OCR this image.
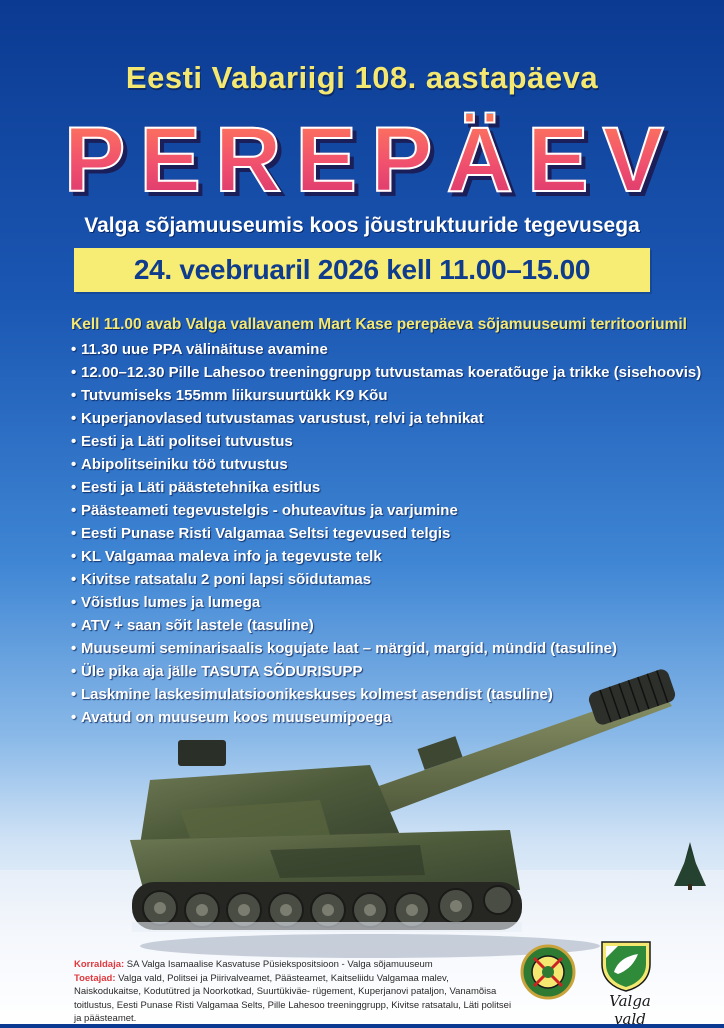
Eesti Vabariigi 108. aastapäeva
P E R E P Ä E V
Valga sõjamuuseumis koos jõustruktuuride tegevusega
24. veebruaril 2026 kell 11.00–15.00
Kell 11.00 avab Valga vallavanem Mart Kase perepäeva sõjamuuseumi territooriumil
• 11.30 uue PPA välinäituse avamine
• 12.00–12.30 Pille Lahesoo treeninggrupp tutvustamas koeratõuge ja trikke (sisehoovis)
• Tutvumiseks 155mm liikursuurtükk K9 Kõu
• Kuperjanovlased tutvustamas varustust, relvi ja tehnikat
• Eesti ja Läti politsei tutvustus
• Abipolitseiniku töö tutvustus
• Eesti ja Läti päästetehnika esitlus
• Päästeameti tegevustelgis - ohuteavitus ja varjumine
• Eesti Punase Risti Valgamaa Seltsi tegevused telgis
• KL Valgamaa maleva info ja tegevuste telk
• Kivitse ratsatalu 2 poni lapsi sõidutamas
• Võistlus lumes ja lumega
• ATV + saan sõit lastele (tasuline)
• Muuseumi seminarisaalis kogujate laat – märgid, margid, mündid (tasuline)
• Üle pika aja jälle TASUTA SÕDURISUPP
• Laskmine laskesimulatsioonikeskuses kolmest asendist (tasuline)
• Avatud on muuseum koos muuseumipoega
Korraldaja: SA Valga Isamaalise Kasvatuse Püsiekspositsioon - Valga sõjamuuseum
Toetajad: Valga vald, Politsei ja Piirivalveamet, Päästeamet, Kaitseliidu Valgamaa malev, Naiskodukaitse, Kodutütred ja Noorkotkad, Suurtükiväe- rügement, Kuperjanovi pataljon, Vanamõisa toitlustus, Eesti Punase Risti Valgamaa Selts, Pille Lahesoo treeninggrupp, Kivitse ratsatalu, Läti politsei ja päästeamet.
Valga vald
